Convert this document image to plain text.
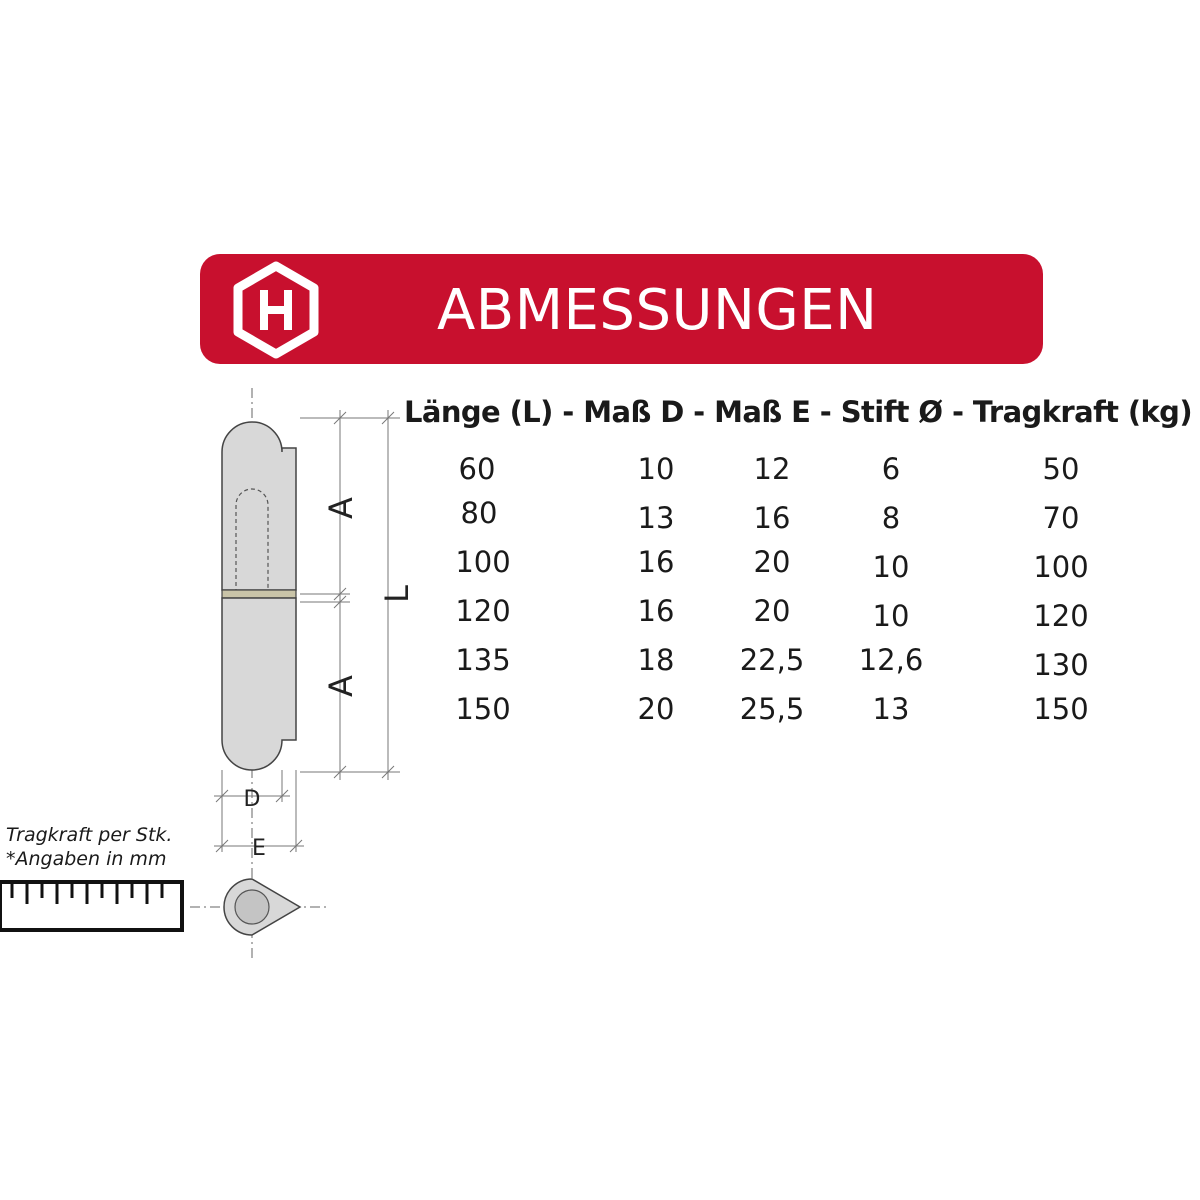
ABMESSUNGEN
Länge (L) - Maß D - Maß E - Stift Ø - Tragkraft (kg)
60	10	12	6	50
80	13	16	8	70
100	16	20	10	100
120	16	20	10	120
135	18	22,5	12,6	130
150	20	25,5	13	150
A
A
L
D
E
Tragkraft per Stk.
*Angaben in mm
